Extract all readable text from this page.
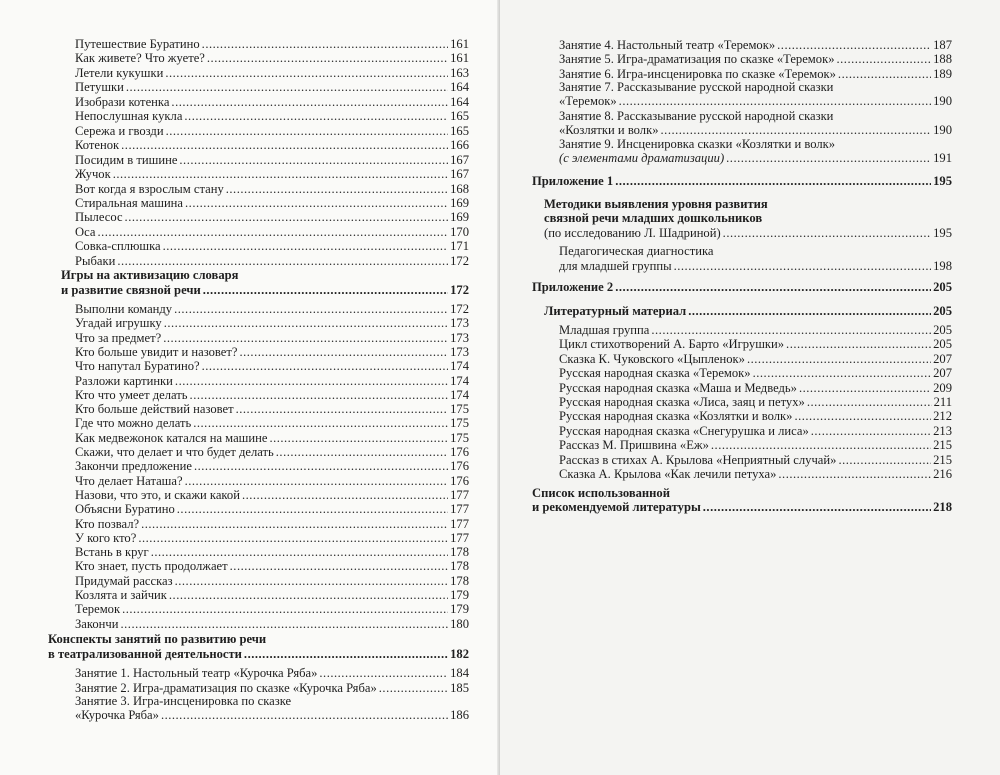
Путешествие Буратино .....	161
Как живете? Что жуете? .....	161
Летели кукушки .....	163
Петушки .....	164
Изобрази котенка .....	164
Непослушная кукла .....	165
Сережа и гвозди .....	165
Котенок .....	166
Посидим в тишине .....	167
Жучок .....	167
Вот когда я взрослым стану .....	168
Стиральная машина .....	169
Пылесос .....	169
Оса .....	170
Совка-сплюшка .....	171
Рыбаки .....	172
Игры на активизацию словаря
и развитие связной речи .....	172
Выполни команду .....	172
Угадай игрушку .....	173
Что за предмет? .....	173
Кто больше увидит и назовет? .....	173
Что напутал Буратино? .....	174
Разложи картинки .....	174
Кто что умеет делать .....	174
Кто больше действий назовет .....	175
Где что можно делать .....	175
Как медвежонок катался на машине .....	175
Скажи, что делает и что будет делать .....	176
Закончи предложение .....	176
Что делает Наташа? .....	176
Назови, что это, и скажи какой .....	177
Объясни Буратино .....	177
Кто позвал? .....	177
У кого кто? .....	177
Встань в круг .....	178
Кто знает, пусть продолжает .....	178
Придумай рассказ .....	178
Козлята и зайчик .....	179
Теремок .....	179
Закончи .....	180
Конспекты занятий по развитию речи
в театрализованной деятельности .....	182
Занятие 1. Настольный театр «Курочка Ряба» .....	184
Занятие 2. Игра-драматизация по сказке «Курочка Ряба» .....	185
Занятие 3. Игра-инсценировка по сказке
«Курочка Ряба» .....	186
Занятие 4. Настольный театр «Теремок» .....	187
Занятие 5. Игра-драматизация по сказке «Теремок» .....	188
Занятие 6. Игра-инсценировка по сказке «Теремок» .....	189
Занятие 7. Рассказывание русской народной сказки
«Теремок» .....	190
Занятие 8. Рассказывание русской народной сказки
«Козлятки и волк» .....	190
Занятие 9. Инсценировка сказки «Козлятки и волк»
(с элементами драматизации) .....	191
Приложение 1 .....	195
Методики выявления уровня развития
связной речи младших дошкольников
(по исследованию Л. Шадриной) .....	195
Педагогическая диагностика
для младшей группы .....	198
Приложение 2 .....	205
Литературный материал .....	205
Младшая группа .....	205
Цикл стихотворений А. Барто «Игрушки» .....	205
Сказка К. Чуковского «Цыпленок» .....	207
Русская народная сказка «Теремок» .....	207
Русская народная сказка «Маша и Медведь» .....	209
Русская народная сказка «Лиса, заяц и петух» .....	211
Русская народная сказка «Козлятки и волк» .....	212
Русская народная сказка «Снегурушка и лиса» .....	213
Рассказ М. Пришвина «Еж» .....	215
Рассказ в стихах А. Крылова «Неприятный случай» .....	215
Сказка А. Крылова «Как лечили петуха» .....	216
Список использованной
и рекомендуемой литературы .....	218
